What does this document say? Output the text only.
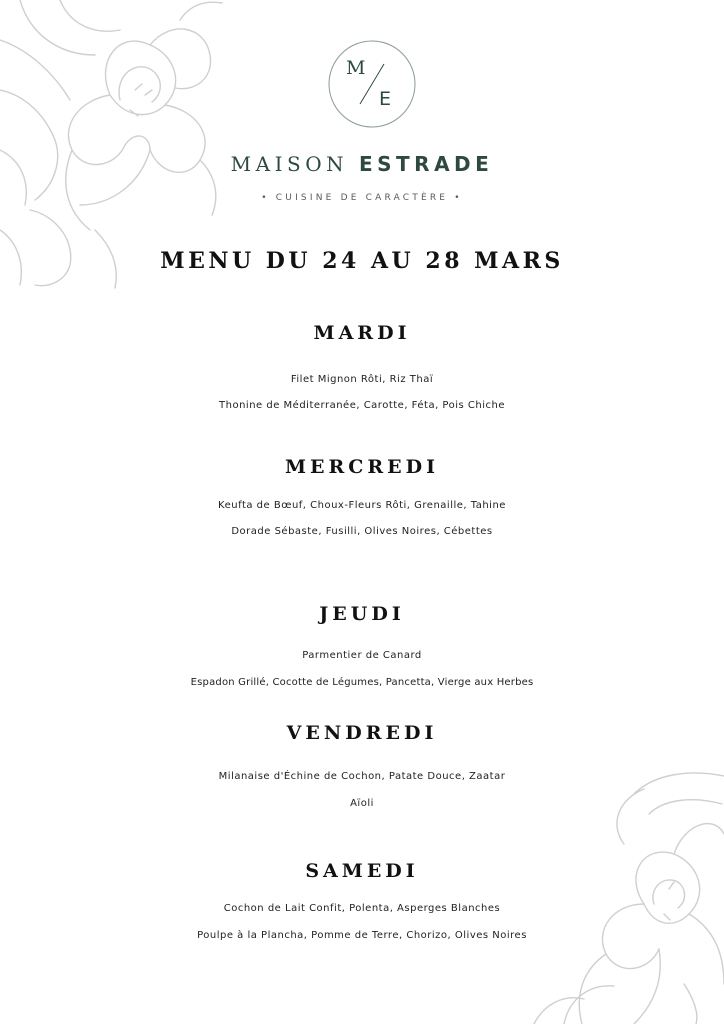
M
E
MAISON ESTRADE
• CUISINE DE CARACTÈRE •
MENU DU 24 AU 28 MARS
MARDI
Filet Mignon Rôti, Riz Thaï
Thonine de Méditerranée, Carotte, Féta, Pois Chiche
MERCREDI
Keufta de Bœuf, Choux-Fleurs Rôti, Grenaille, Tahine
Dorade Sébaste, Fusilli, Olives Noires, Cébettes
JEUDI
Parmentier de Canard
Espadon Grillé, Cocotte de Légumes, Pancetta, Vierge aux Herbes
VENDREDI
Milanaise d'Échine de Cochon, Patate Douce, Zaatar
Aïoli
SAMEDI
Cochon de Lait Confit, Polenta, Asperges Blanches
Poulpe à la Plancha, Pomme de Terre, Chorizo, Olives Noires
